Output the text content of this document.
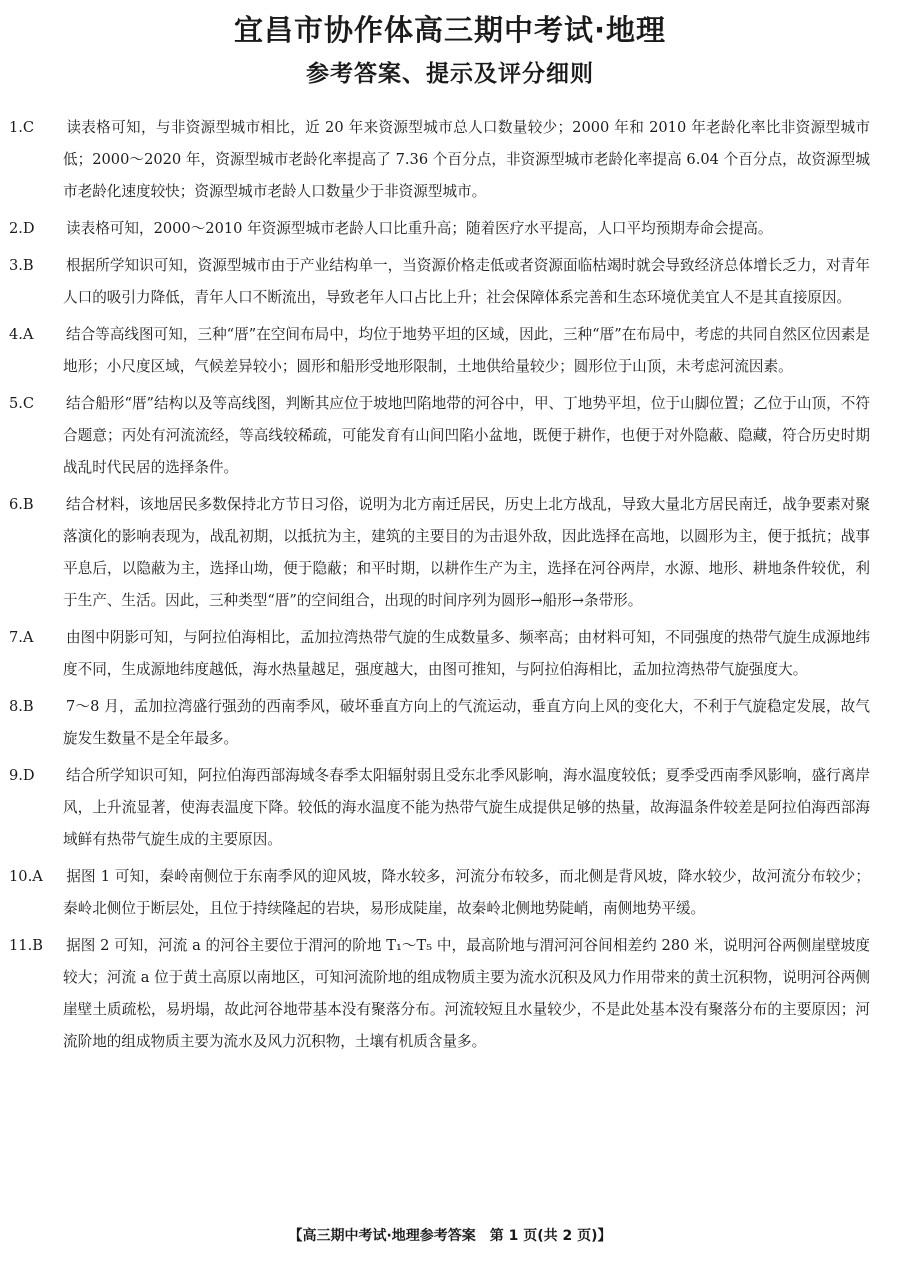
宜昌市协作体高三期中考试·地理
参考答案、提示及评分细则
1.C 读表格可知，与非资源型城市相比，近 20 年来资源型城市总人口数量较少；2000 年和 2010 年老龄化率比非资源型城市低；2000～2020 年，资源型城市老龄化率提高了 7.36 个百分点，非资源型城市老龄化率提高 6.04 个百分点，故资源型城市老龄化速度较快；资源型城市老龄人口数量少于非资源型城市。
2.D 读表格可知，2000～2010 年资源型城市老龄人口比重升高；随着医疗水平提高，人口平均预期寿命会提高。
3.B 根据所学知识可知，资源型城市由于产业结构单一，当资源价格走低或者资源面临枯竭时就会导致经济总体增长乏力，对青年人口的吸引力降低，青年人口不断流出，导致老年人口占比上升；社会保障体系完善和生态环境优美宜人不是其直接原因。
4.A 结合等高线图可知，三种“厝”在空间布局中，均位于地势平坦的区域，因此，三种“厝”在布局中，考虑的共同自然区位因素是地形；小尺度区域，气候差异较小；圆形和船形受地形限制，土地供给量较少；圆形位于山顶，未考虑河流因素。
5.C 结合船形“厝”结构以及等高线图，判断其应位于坡地凹陷地带的河谷中，甲、丁地势平坦，位于山脚位置；乙位于山顶，不符合题意；丙处有河流流经，等高线较稀疏，可能发育有山间凹陷小盆地，既便于耕作，也便于对外隐蔽、隐藏，符合历史时期战乱时代民居的选择条件。
6.B 结合材料，该地居民多数保持北方节日习俗，说明为北方南迁居民，历史上北方战乱，导致大量北方居民南迁，战争要素对聚落演化的影响表现为，战乱初期，以抵抗为主，建筑的主要目的为击退外敌，因此选择在高地，以圆形为主，便于抵抗；战事平息后，以隐蔽为主，选择山坳，便于隐蔽；和平时期，以耕作生产为主，选择在河谷两岸，水源、地形、耕地条件较优，利于生产、生活。因此，三种类型“厝”的空间组合，出现的时间序列为圆形→船形→条带形。
7.A 由图中阴影可知，与阿拉伯海相比，孟加拉湾热带气旋的生成数量多、频率高；由材料可知，不同强度的热带气旋生成源地纬度不同，生成源地纬度越低，海水热量越足，强度越大，由图可推知，与阿拉伯海相比，孟加拉湾热带气旋强度大。
8.B 7～8 月，孟加拉湾盛行强劲的西南季风，破坏垂直方向上的气流运动，垂直方向上风的变化大，不利于气旋稳定发展，故气旋发生数量不是全年最多。
9.D 结合所学知识可知，阿拉伯海西部海域冬春季太阳辐射弱且受东北季风影响，海水温度较低；夏季受西南季风影响，盛行离岸风，上升流显著，使海表温度下降。较低的海水温度不能为热带气旋生成提供足够的热量，故海温条件较差是阿拉伯海西部海域鲜有热带气旋生成的主要原因。
10.A 据图 1 可知，秦岭南侧位于东南季风的迎风坡，降水较多，河流分布较多，而北侧是背风坡，降水较少，故河流分布较少；秦岭北侧位于断层处，且位于持续隆起的岩块，易形成陡崖，故秦岭北侧地势陡峭，南侧地势平缓。
11.B 据图 2 可知，河流 a 的河谷主要位于渭河的阶地 T₁～T₅ 中，最高阶地与渭河河谷间相差约 280 米，说明河谷两侧崖壁坡度较大；河流 a 位于黄土高原以南地区，可知河流阶地的组成物质主要为流水沉积及风力作用带来的黄土沉积物，说明河谷两侧崖壁土质疏松，易坍塌，故此河谷地带基本没有聚落分布。河流较短且水量较少，不是此处基本没有聚落分布的主要原因；河流阶地的组成物质主要为流水及风力沉积物，土壤有机质含量多。
【高三期中考试·地理参考答案　第 1 页(共 2 页)】
